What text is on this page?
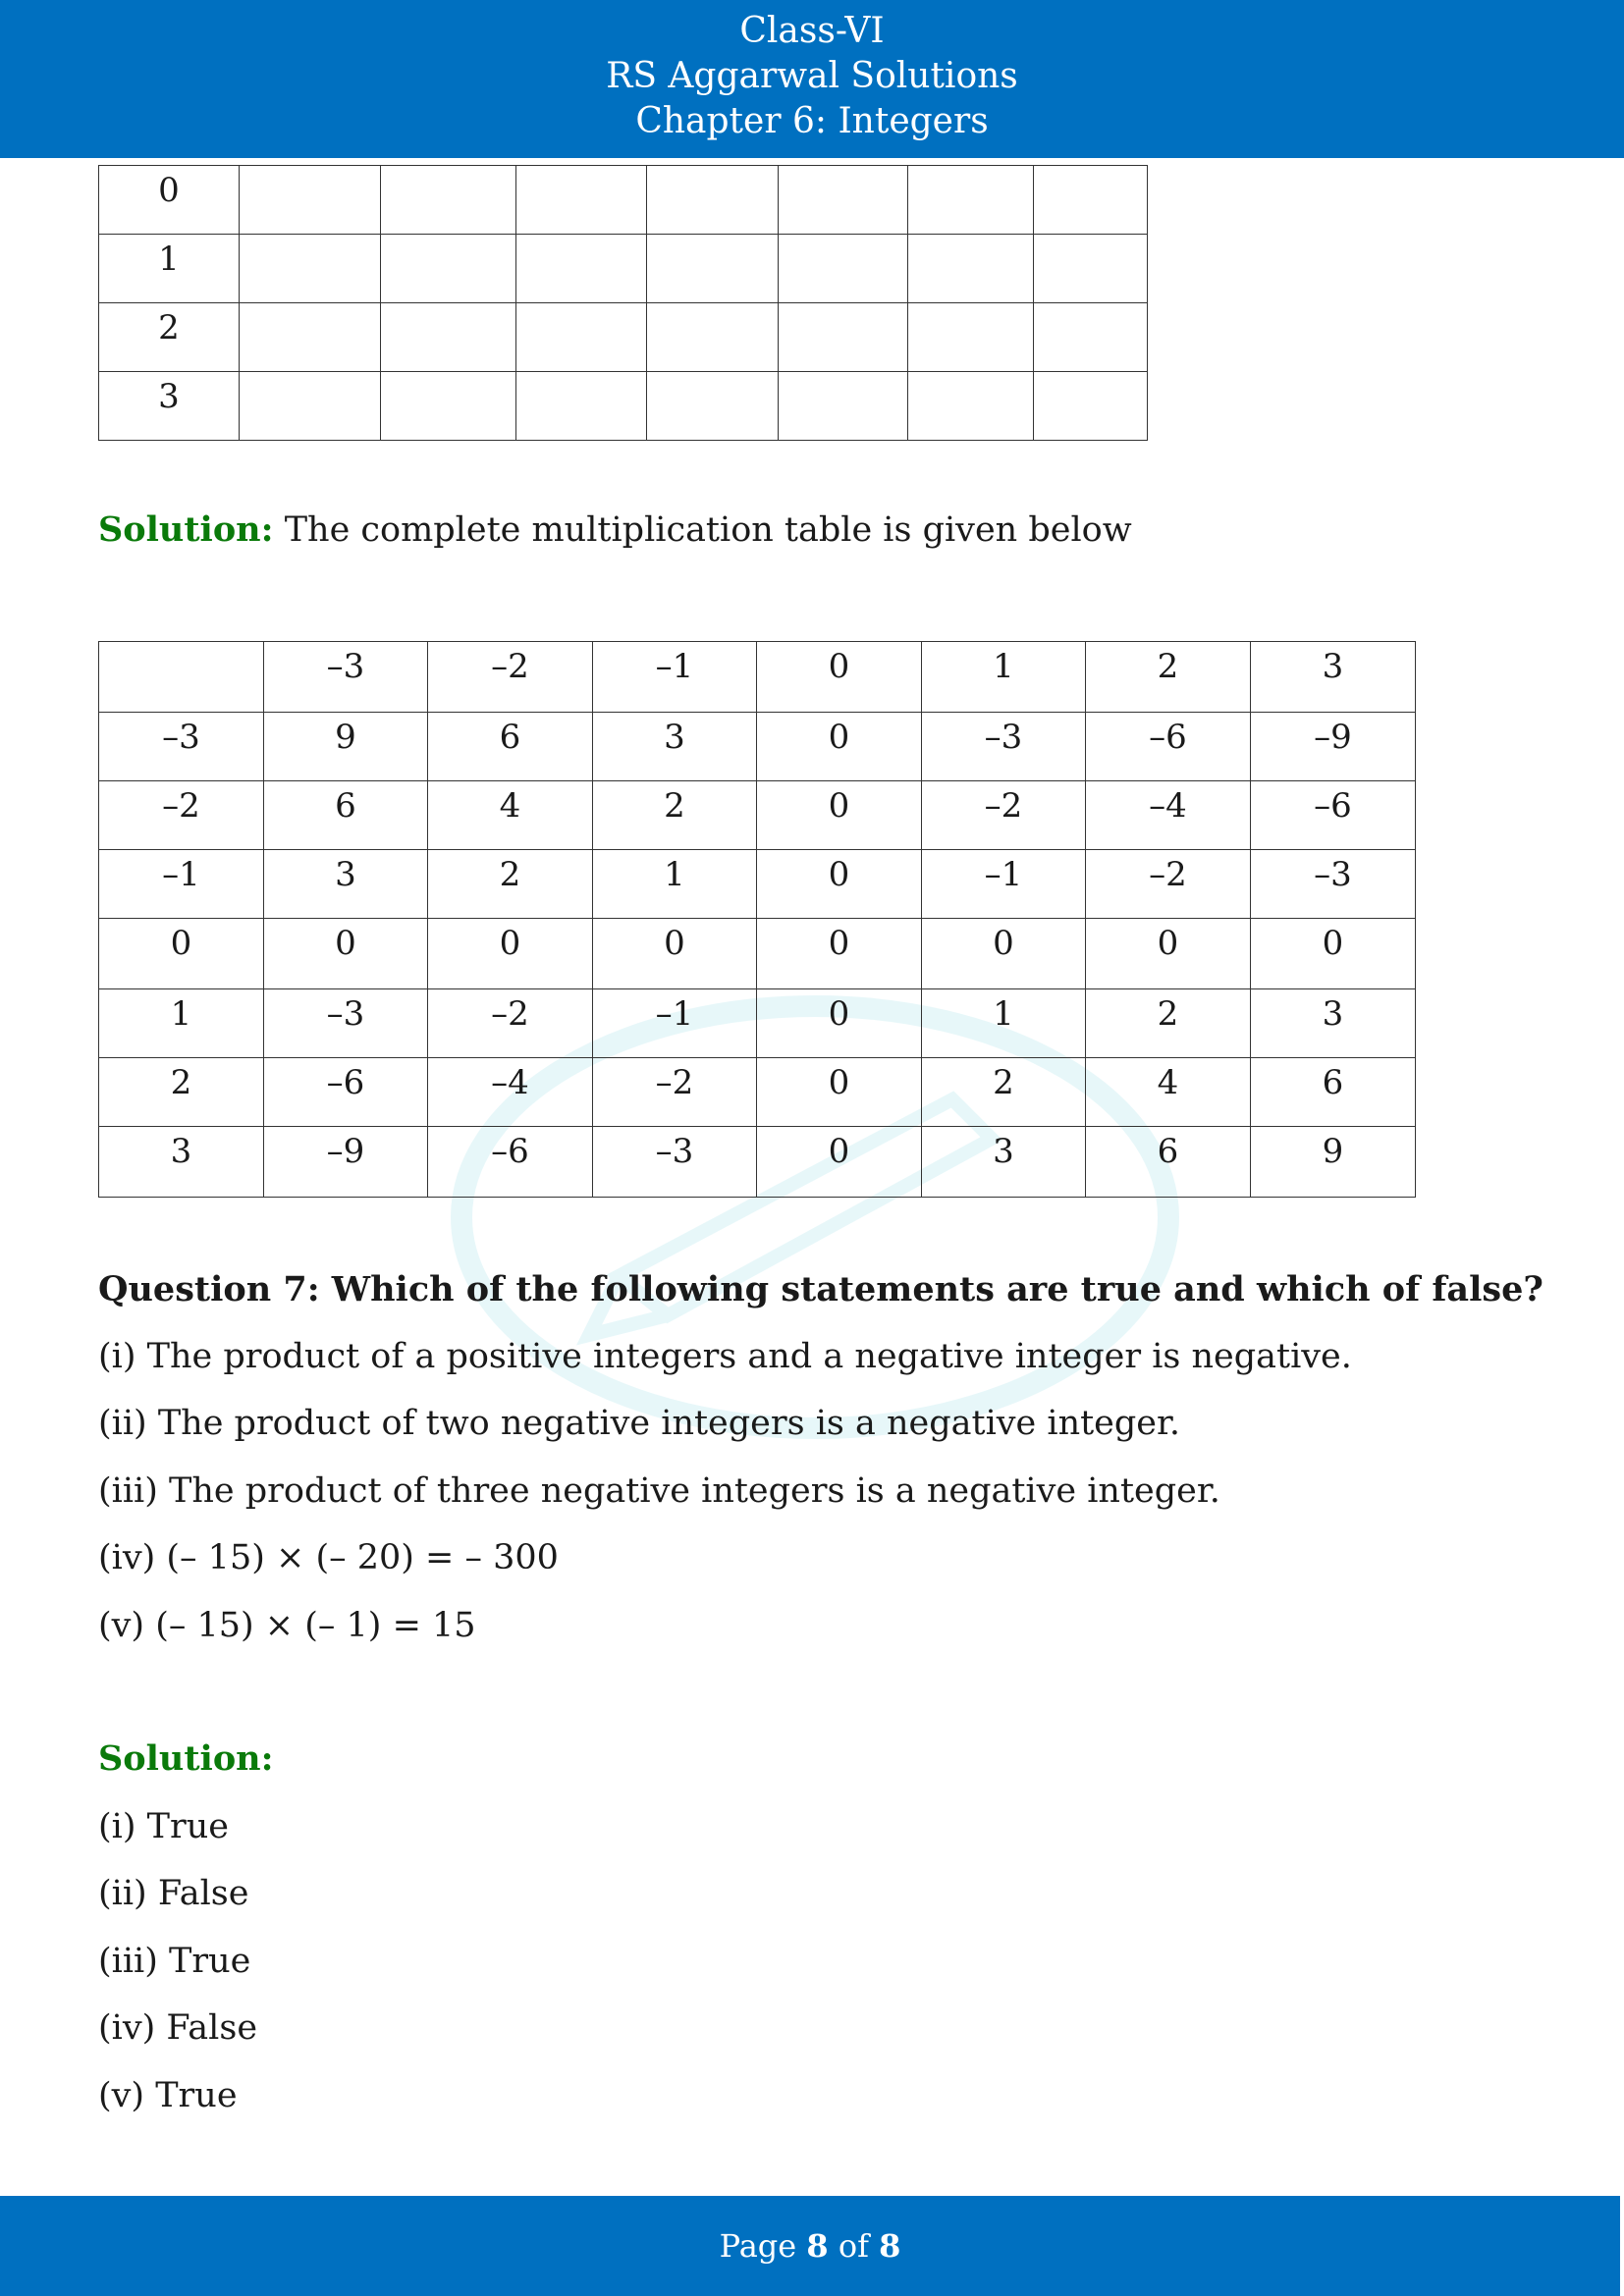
Class-VI
RS Aggarwal Solutions
Chapter 6: Integers
0							

1							

2							

3							

Solution: The complete multiplication table is given below

	–3	–2	–1	0	1	2	3

–3	9	6	3	0	–3	–6	–9

–2	6	4	2	0	–2	–4	–6

–1	3	2	1	0	–1	–2	–3

0	0	0	0	0	0	0	0

1	–3	–2	–1	0	1	2	3

2	–6	–4	–2	0	2	4	6

3	–9	–6	–3	0	3	6	9
Question 7: Which of the following statements are true and which of false?
(i) The product of a positive integers and a negative integer is negative.
(ii) The product of two negative integers is a negative integer.
(iii) The product of three negative integers is a negative integer.
(iv) (– 15) × (– 20) = – 300
(v) (– 15) × (– 1) = 15
Solution:
(i) True
(ii) False
(iii) True
(iv) False
(v) True
Page 8 of 8
